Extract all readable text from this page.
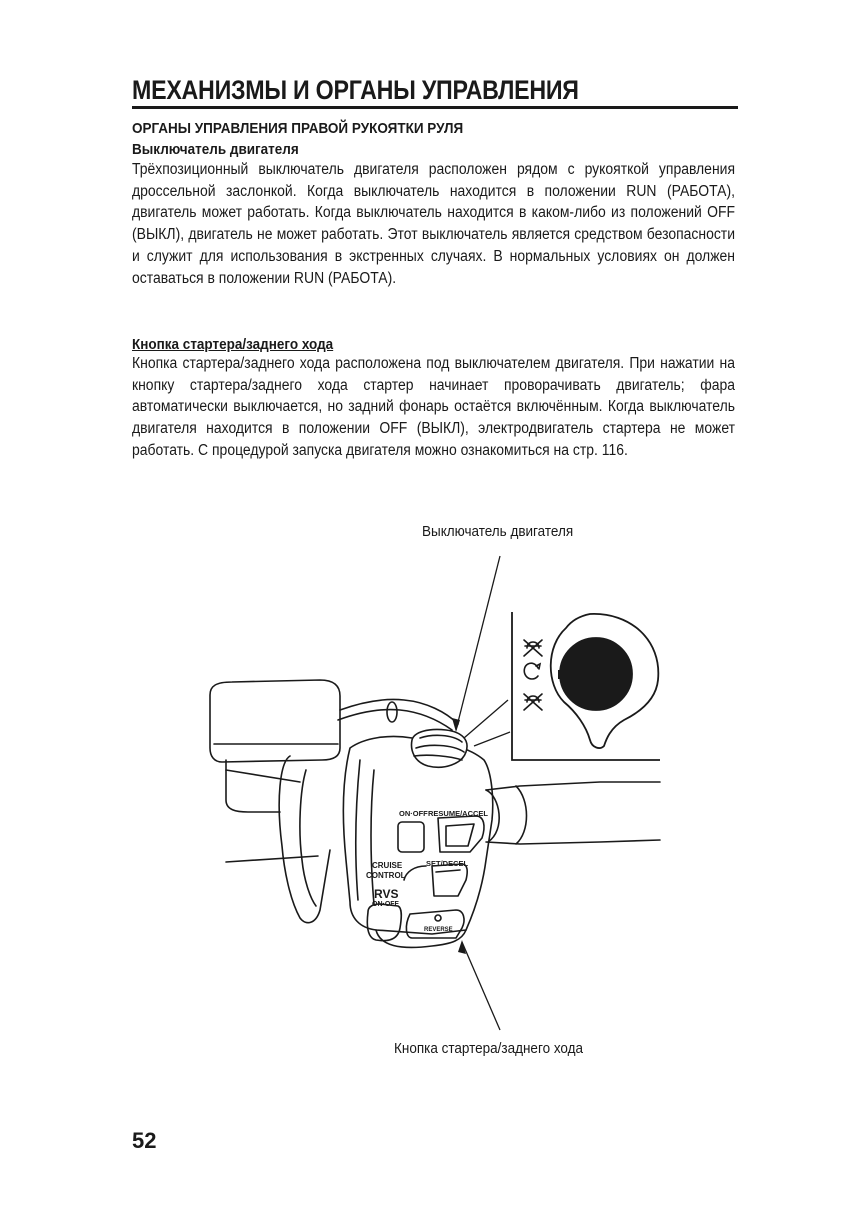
МЕХАНИЗМЫ И ОРГАНЫ УПРАВЛЕНИЯ
ОРГАНЫ УПРАВЛЕНИЯ ПРАВОЙ РУКОЯТКИ РУЛЯ
Выключатель двигателя

Трёхпозиционный выключатель двигателя расположен рядом с рукояткой управления дроссельной заслонкой. Когда выключатель находится в положении RUN (РАБОТА), двигатель может работать. Когда выключатель находится в каком-либо из положений OFF (ВЫКЛ), двигатель не может работать. Этот выключатель является средством безопасности и служит для использования в экстренных случаях. В нормальных условиях он должен оставаться в положении RUN (РАБОТА).

Кнопка стартера/заднего хода

Кнопка стартера/заднего хода расположена под выключателем двигателя. При нажатии на кнопку стартера/заднего хода стартер начинает проворачивать двигатель; фара автоматически выключается, но задний фонарь остаётся включённым. Когда выключатель двигателя находится в положении OFF (ВЫКЛ), электродвигатель стартера не может работать. С процедурой запуска двигателя можно ознакомиться на стр. 116.

Выключатель двигателя
ON·OFF RESUME/ACCEL
CRUISE
CONTROL
SET/DECEL
RVS
ON·OFF
REVERSE
Кнопка стартера/заднего хода
52
